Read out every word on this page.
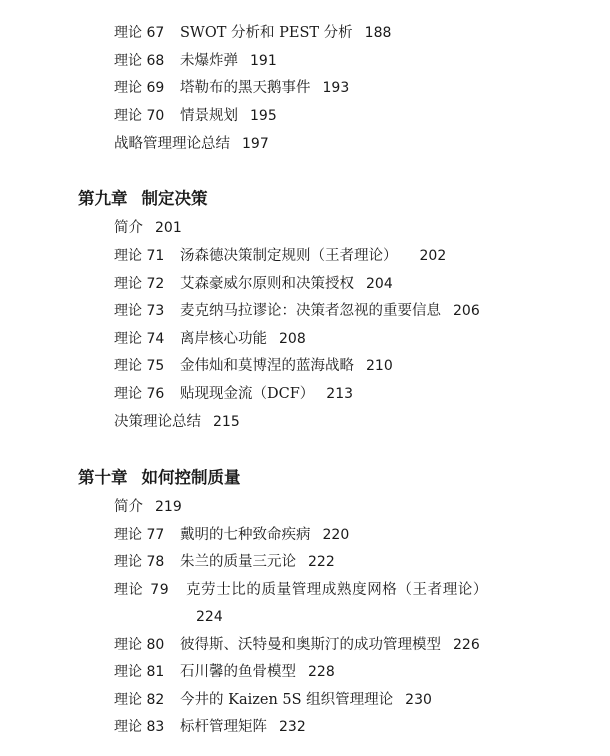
理论 67 SWOT 分析和 PEST 分析 188
理论 68 未爆炸弹 191
理论 69 塔勒布的黑天鹅事件 193
理论 70 情景规划 195
战略管理理论总结 197
第九章 制定决策
简介 201
理论 71 汤森德决策制定规则（王者理论） 202
理论 72 艾森豪威尔原则和决策授权 204
理论 73 麦克纳马拉谬论：决策者忽视的重要信息 206
理论 74 离岸核心功能 208
理论 75 金伟灿和莫博涅的蓝海战略 210
理论 76 贴现现金流（DCF） 213
决策理论总结 215
第十章 如何控制质量
简介 219
理论 77 戴明的七种致命疾病 220
理论 78 朱兰的质量三元论 222
理论 79 克劳士比的质量管理成熟度网格（王者理论）
224
理论 80 彼得斯、沃特曼和奥斯汀的成功管理模型 226
理论 81 石川馨的鱼骨模型 228
理论 82 今井的 Kaizen 5S 组织管理理论 230
理论 83 标杆管理矩阵 232
